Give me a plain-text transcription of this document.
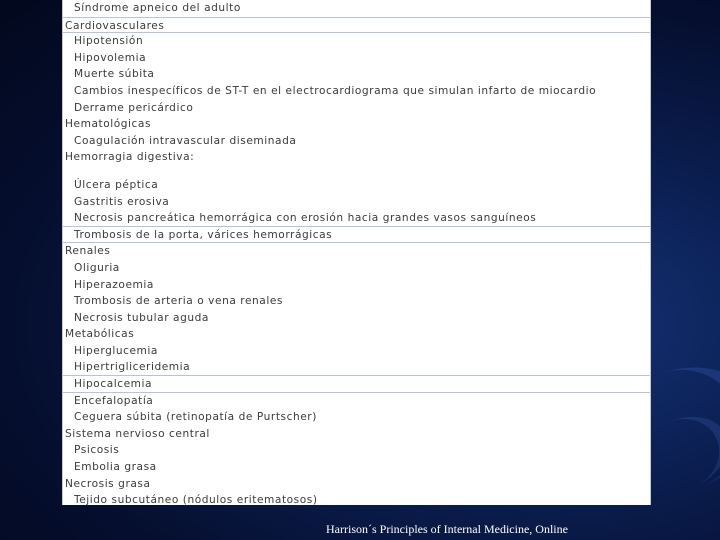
Síndrome apneico del adulto
Cardiovasculares
Hipotensión
Hipovolemia
Muerte súbita
Cambios inespecíficos de ST-T en el electrocardiograma que simulan infarto de miocardio
Derrame pericárdico
Hematológicas
Coagulación intravascular diseminada
Hemorragia digestiva:
Úlcera péptica
Gastritis erosiva
Necrosis pancreática hemorrágica con erosión hacia grandes vasos sanguíneos
Trombosis de la porta, várices hemorrágicas
Renales
Oliguria
Hiperazoemia
Trombosis de arteria o vena renales
Necrosis tubular aguda
Metabólicas
Hiperglucemia
Hipertrigliceridemia
Hipocalcemia
Encefalopatía
Ceguera súbita (retinopatía de Purtscher)
Sistema nervioso central
Psicosis
Embolia grasa
Necrosis grasa
Tejido subcutáneo (nódulos eritematosos)
Harrison´s Principles of Internal Medicine, Online
